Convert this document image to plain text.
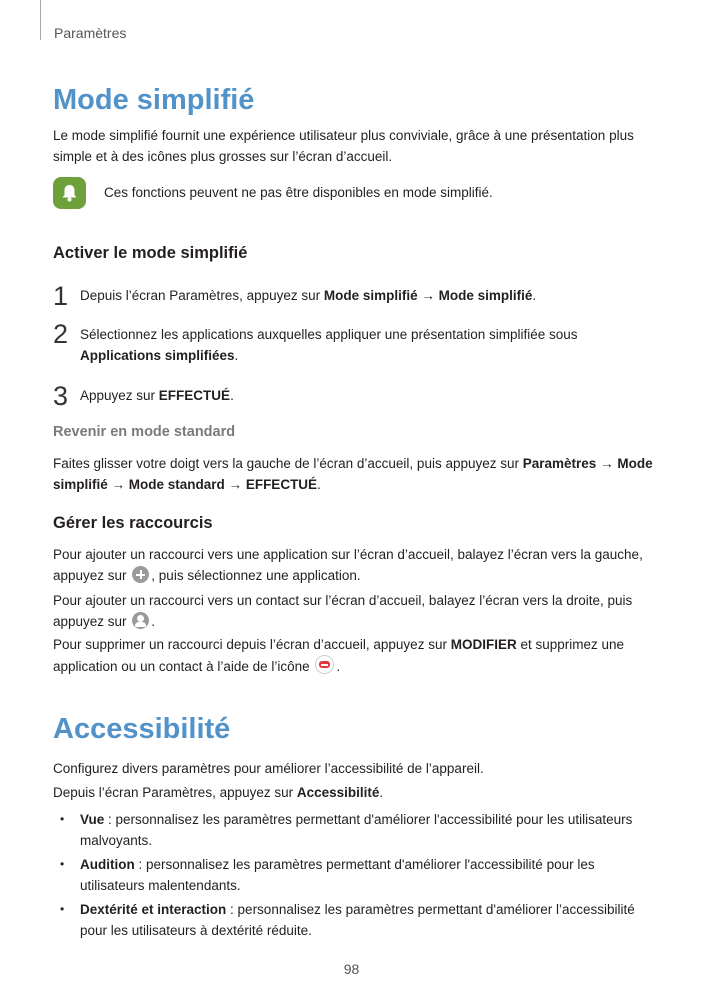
Paramètres
Mode simplifié

Le mode simplifié fournit une expérience utilisateur plus conviviale, grâce à une présentation plus simple et à des icônes plus grosses sur l’écran d’accueil.

Ces fonctions peuvent ne pas être disponibles en mode simplifié.

Activer le mode simplifié
1 Depuis l’écran Paramètres, appuyez sur Mode simplifié → Mode simplifié.

2 Sélectionnez les applications auxquelles appliquer une présentation simplifiée sous Applications simplifiées.

3 Appuyez sur EFFECTUÉ.

Revenir en mode standard

Faites glisser votre doigt vers la gauche de l’écran d’accueil, puis appuyez sur Paramètres → Mode simplifié → Mode standard → EFFECTUÉ.

Gérer les raccourcis

Pour ajouter un raccourci vers une application sur l’écran d’accueil, balayez l’écran vers la gauche, appuyez sur , puis sélectionnez une application.

Pour ajouter un raccourci vers un contact sur l’écran d’accueil, balayez l’écran vers la droite, puis appuyez sur .

Pour supprimer un raccourci depuis l’écran d’accueil, appuyez sur MODIFIER et supprimez une application ou un contact à l’aide de l’icône .

Accessibilité

Configurez divers paramètres pour améliorer l’accessibilité de l’appareil.

Depuis l’écran Paramètres, appuyez sur Accessibilité.

• Vue : personnalisez les paramètres permettant d'améliorer l'accessibilité pour les utilisateurs malvoyants.

• Audition : personnalisez les paramètres permettant d'améliorer l'accessibilité pour les utilisateurs malentendants.

• Dextérité et interaction : personnalisez les paramètres permettant d'améliorer l’accessibilité pour les utilisateurs à dextérité réduite.

98
